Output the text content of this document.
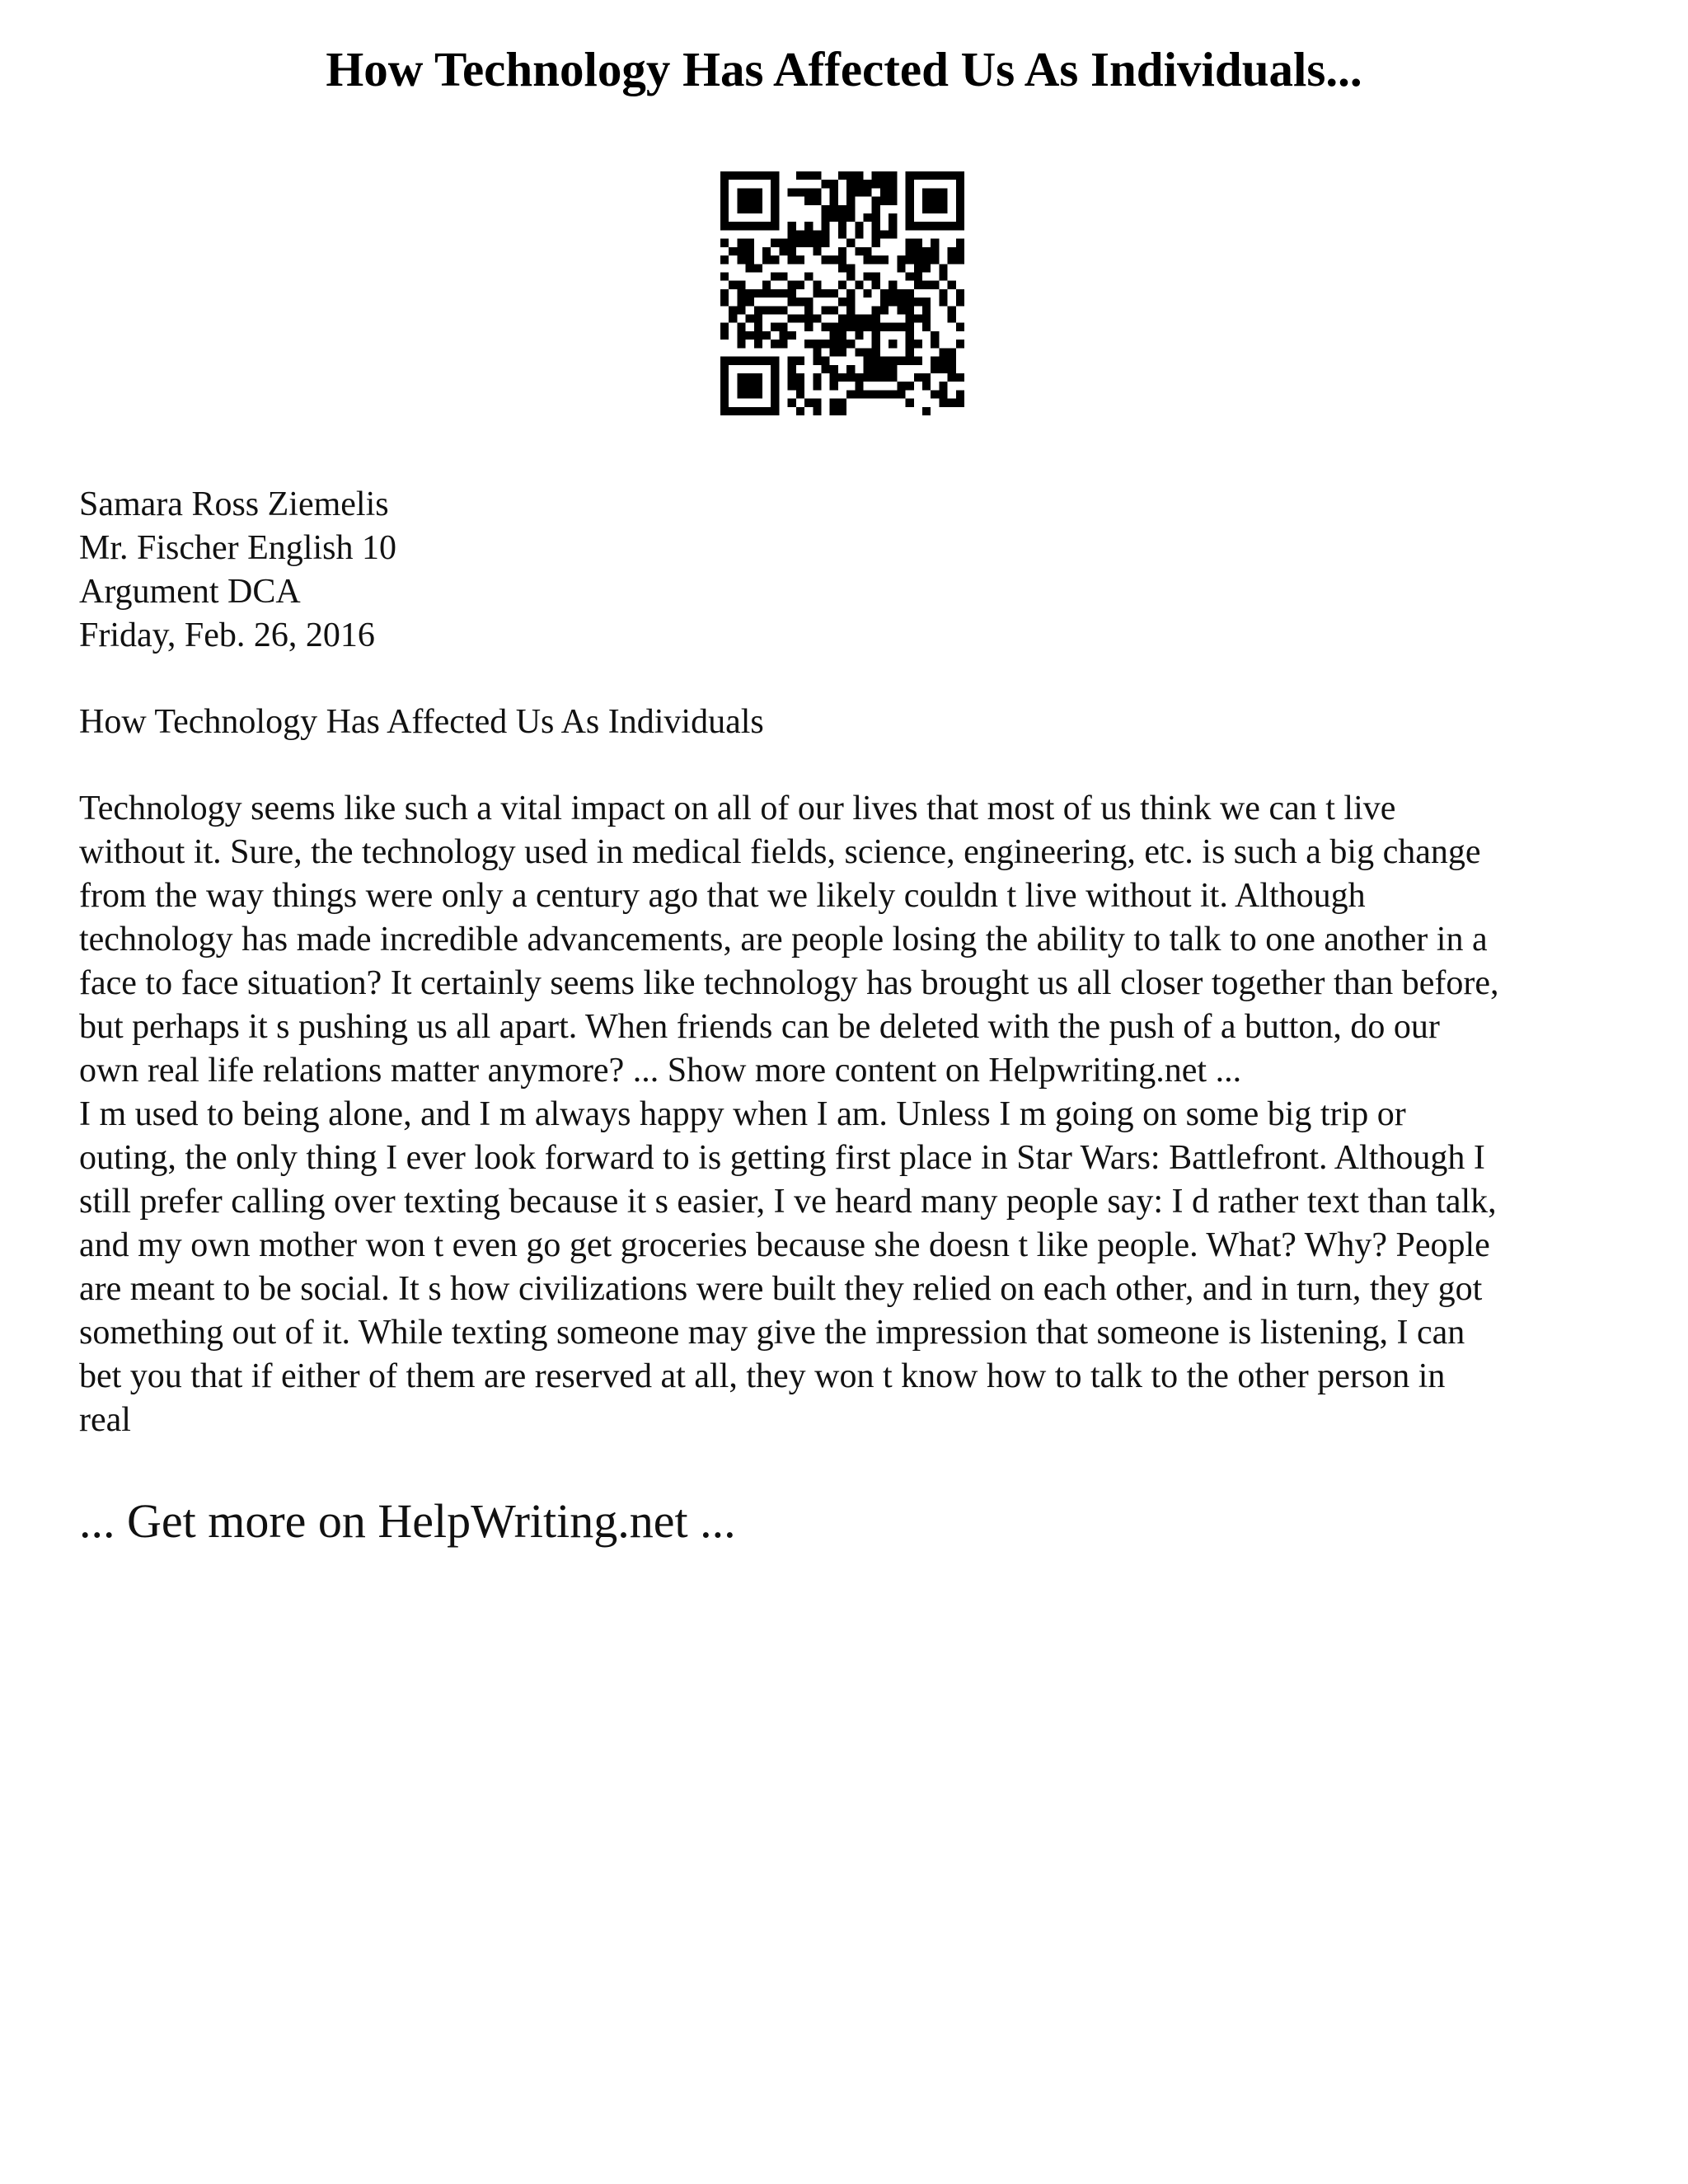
How Technology Has Affected Us As Individuals...
Samara Ross Ziemelis
Mr. Fischer English 10
Argument DCA
Friday, Feb. 26, 2016
How Technology Has Affected Us As Individuals
Technology seems like such a vital impact on all of our lives that most of us think we can t live
without it. Sure, the technology used in medical fields, science, engineering, etc. is such a big change
from the way things were only a century ago that we likely couldn t live without it. Although
technology has made incredible advancements, are people losing the ability to talk to one another in a
face to face situation? It certainly seems like technology has brought us all closer together than before,
but perhaps it s pushing us all apart. When friends can be deleted with the push of a button, do our
own real life relations matter anymore? ... Show more content on Helpwriting.net ...
I m used to being alone, and I m always happy when I am. Unless I m going on some big trip or
outing, the only thing I ever look forward to is getting first place in Star Wars: Battlefront. Although I
still prefer calling over texting because it s easier, I ve heard many people say: I d rather text than talk,
and my own mother won t even go get groceries because she doesn t like people. What? Why? People
are meant to be social. It s how civilizations were built they relied on each other, and in turn, they got
something out of it. While texting someone may give the impression that someone is listening, I can
bet you that if either of them are reserved at all, they won t know how to talk to the other person in
real
... Get more on HelpWriting.net ...
